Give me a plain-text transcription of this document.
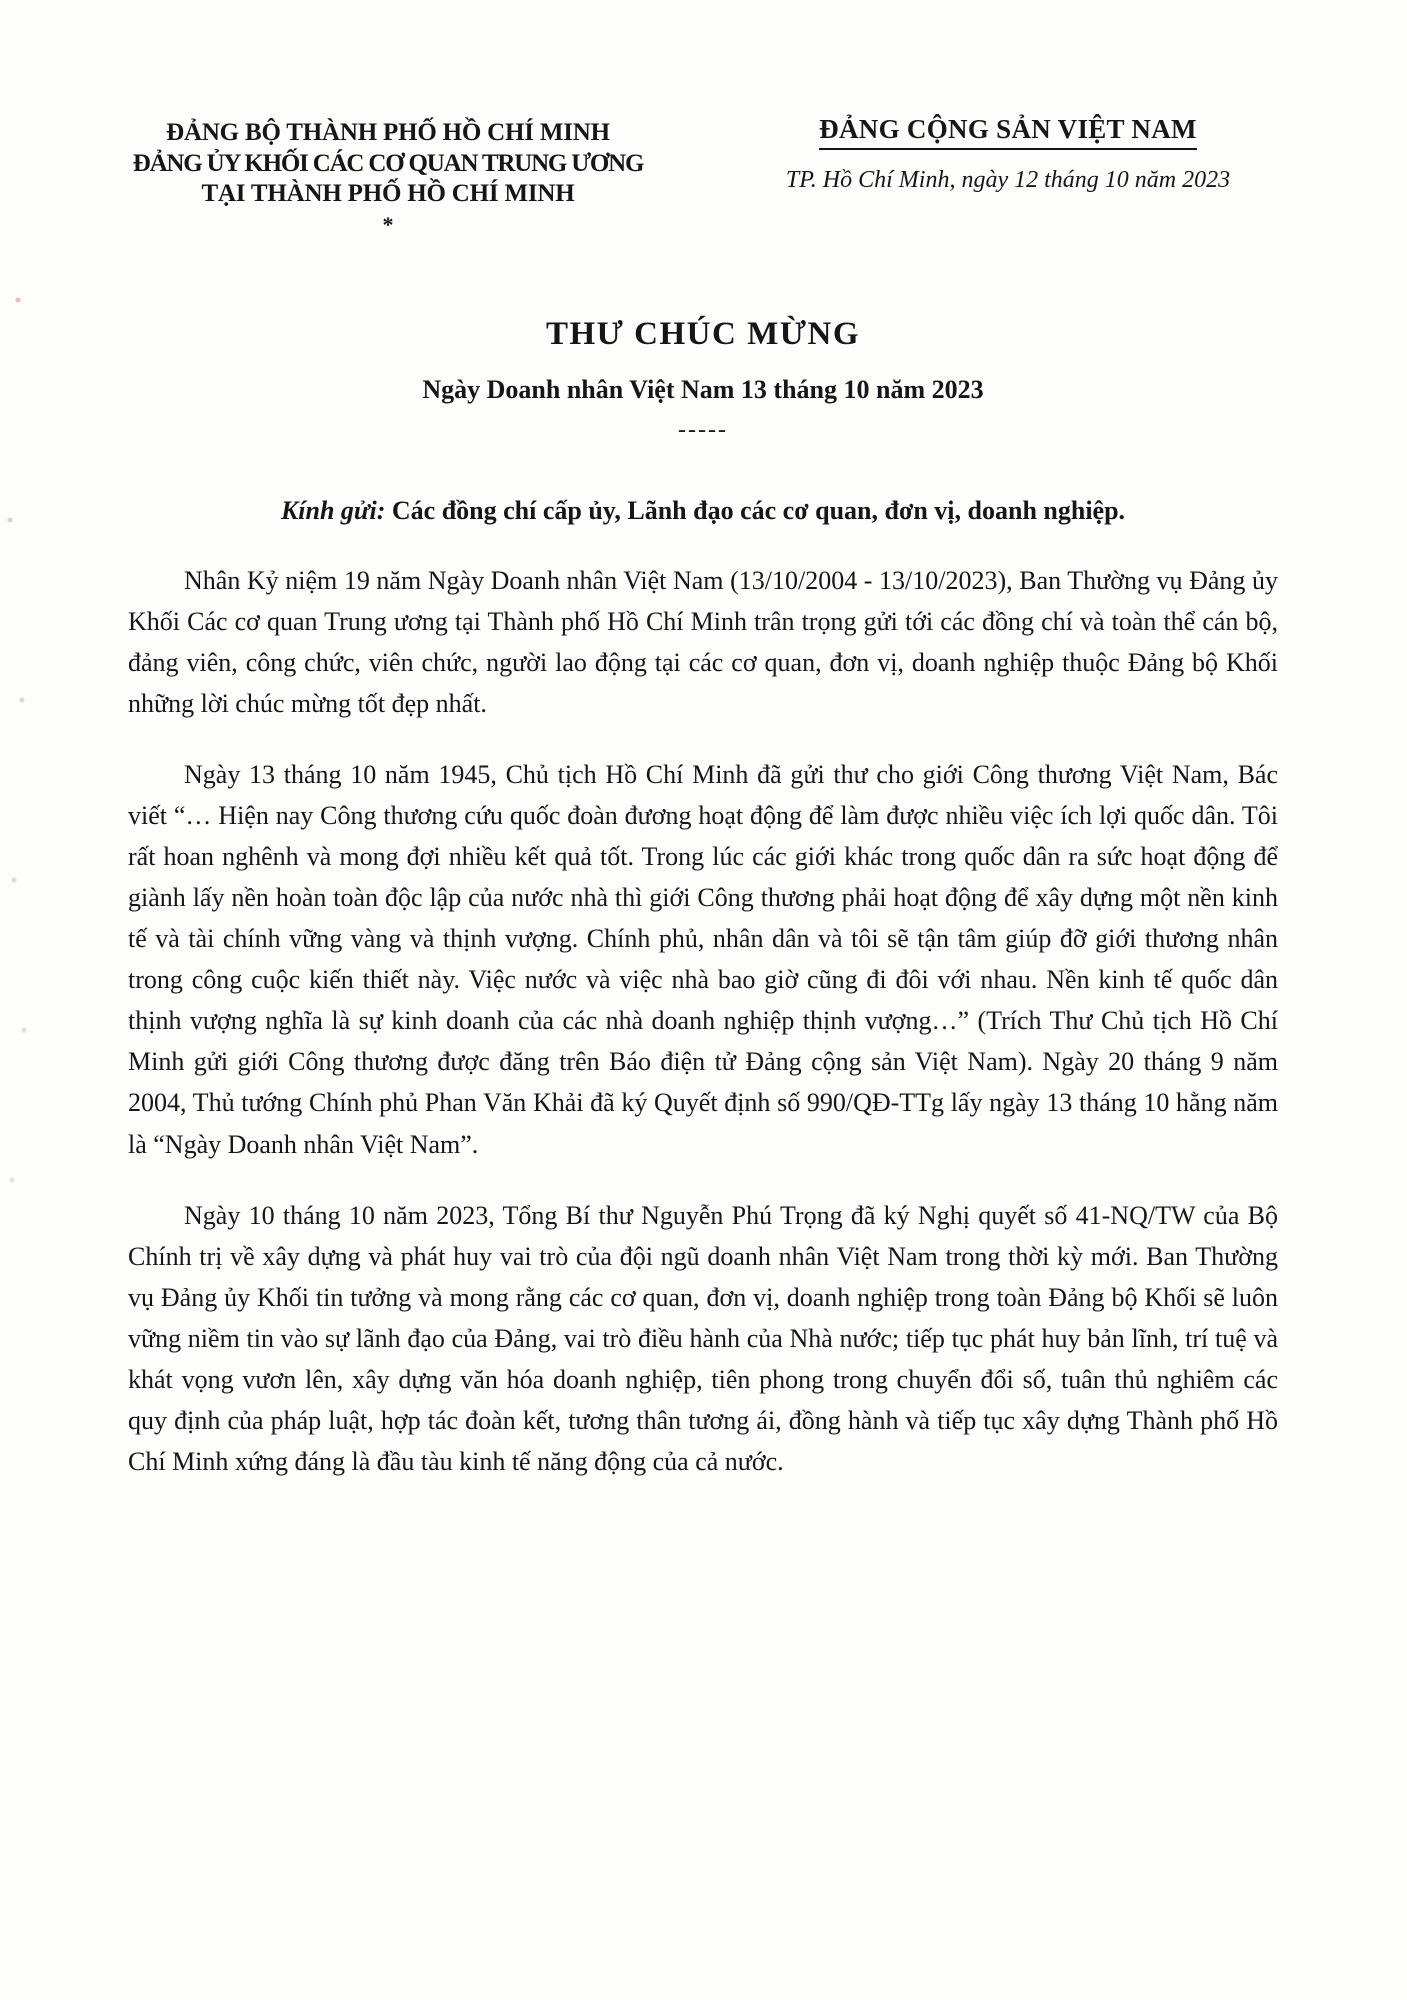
ĐẢNG BỘ THÀNH PHỐ HỒ CHÍ MINH
ĐẢNG ỦY KHỐI CÁC CƠ QUAN TRUNG ƯƠNG
TẠI THÀNH PHỐ HỒ CHÍ MINH
*
ĐẢNG CỘNG SẢN VIỆT NAM
TP. Hồ Chí Minh, ngày 12 tháng 10 năm 2023
THƯ CHÚC MỪNG
Ngày Doanh nhân Việt Nam 13 tháng 10 năm 2023
-----
Kính gửi: Các đồng chí cấp ủy, Lãnh đạo các cơ quan, đơn vị, doanh nghiệp.

Nhân Kỷ niệm 19 năm Ngày Doanh nhân Việt Nam (13/10/2004 - 13/10/2023), Ban Thường vụ Đảng ủy Khối Các cơ quan Trung ương tại Thành phố Hồ Chí Minh trân trọng gửi tới các đồng chí và toàn thể cán bộ, đảng viên, công chức, viên chức, người lao động tại các cơ quan, đơn vị, doanh nghiệp thuộc Đảng bộ Khối những lời chúc mừng tốt đẹp nhất.

Ngày 13 tháng 10 năm 1945, Chủ tịch Hồ Chí Minh đã gửi thư cho giới Công thương Việt Nam, Bác viết “… Hiện nay Công thương cứu quốc đoàn đương hoạt động để làm được nhiều việc ích lợi quốc dân. Tôi rất hoan nghênh và mong đợi nhiều kết quả tốt. Trong lúc các giới khác trong quốc dân ra sức hoạt động để giành lấy nền hoàn toàn độc lập của nước nhà thì giới Công thương phải hoạt động để xây dựng một nền kinh tế và tài chính vững vàng và thịnh vượng. Chính phủ, nhân dân và tôi sẽ tận tâm giúp đỡ giới thương nhân trong công cuộc kiến thiết này. Việc nước và việc nhà bao giờ cũng đi đôi với nhau. Nền kinh tế quốc dân thịnh vượng nghĩa là sự kinh doanh của các nhà doanh nghiệp thịnh vượng…” (Trích Thư Chủ tịch Hồ Chí Minh gửi giới Công thương được đăng trên Báo điện tử Đảng cộng sản Việt Nam). Ngày 20 tháng 9 năm 2004, Thủ tướng Chính phủ Phan Văn Khải đã ký Quyết định số 990/QĐ-TTg lấy ngày 13 tháng 10 hằng năm là “Ngày Doanh nhân Việt Nam”.

Ngày 10 tháng 10 năm 2023, Tổng Bí thư Nguyễn Phú Trọng đã ký Nghị quyết số 41-NQ/TW của Bộ Chính trị về xây dựng và phát huy vai trò của đội ngũ doanh nhân Việt Nam trong thời kỳ mới. Ban Thường vụ Đảng ủy Khối tin tưởng và mong rằng các cơ quan, đơn vị, doanh nghiệp trong toàn Đảng bộ Khối sẽ luôn vững niềm tin vào sự lãnh đạo của Đảng, vai trò điều hành của Nhà nước; tiếp tục phát huy bản lĩnh, trí tuệ và khát vọng vươn lên, xây dựng văn hóa doanh nghiệp, tiên phong trong chuyển đổi số, tuân thủ nghiêm các quy định của pháp luật, hợp tác đoàn kết, tương thân tương ái, đồng hành và tiếp tục xây dựng Thành phố Hồ Chí Minh xứng đáng là đầu tàu kinh tế năng động của cả nước.
